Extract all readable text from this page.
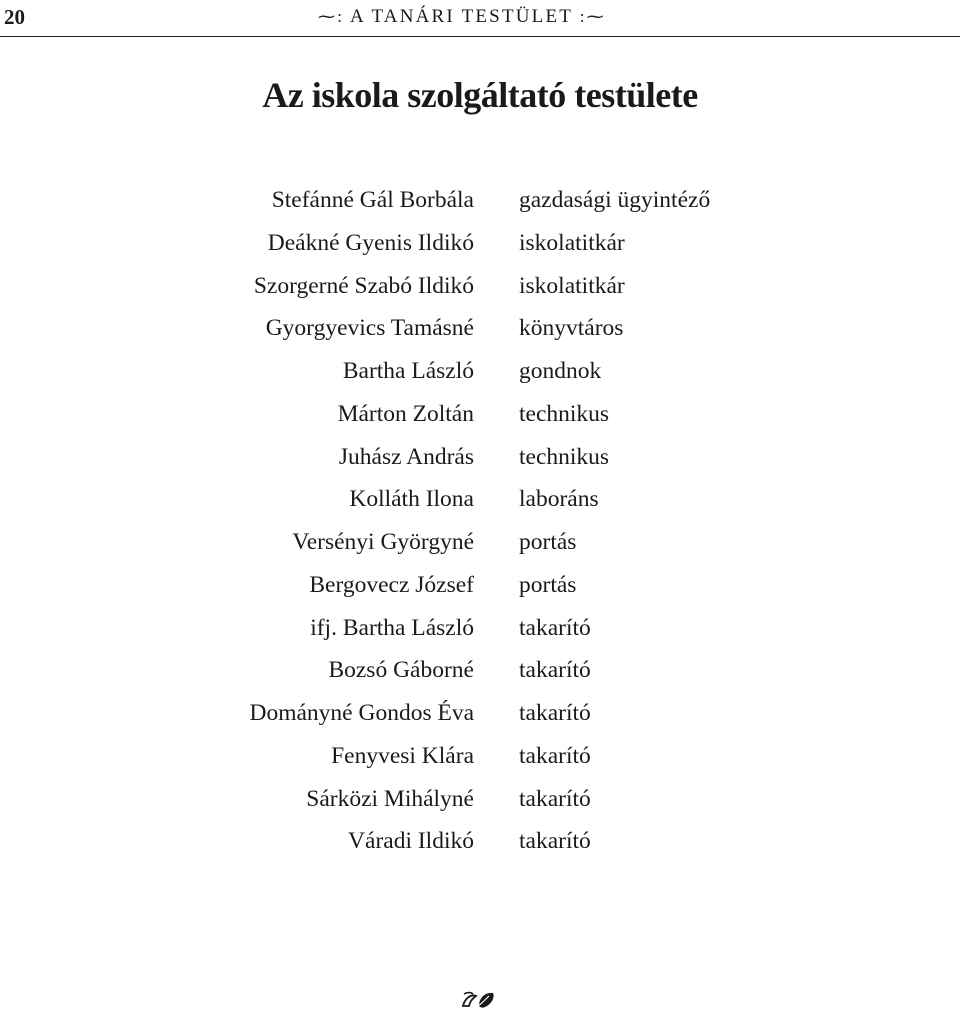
20	⁓: A TANÁRI TESTÜLET :⁓
Az iskola szolgáltató testülete
Stefánné Gál Borbála gazdasági ügyintéző
Deákné Gyenis Ildikó iskolatitkár
Szorgerné Szabó Ildikó iskolatitkár
Gyorgyevics Tamásné könyvtáros
Bartha László gondnok
Márton Zoltán technikus
Juhász András technikus
Kolláth Ilona laboráns
Versényi Györgyné portás
Bergovecz József portás
ifj. Bartha László takarító
Bozsó Gáborné takarító
Dományné Gondos Éva takarító
Fenyvesi Klára takarító
Sárközi Mihályné takarító
Váradi Ildikó takarító
